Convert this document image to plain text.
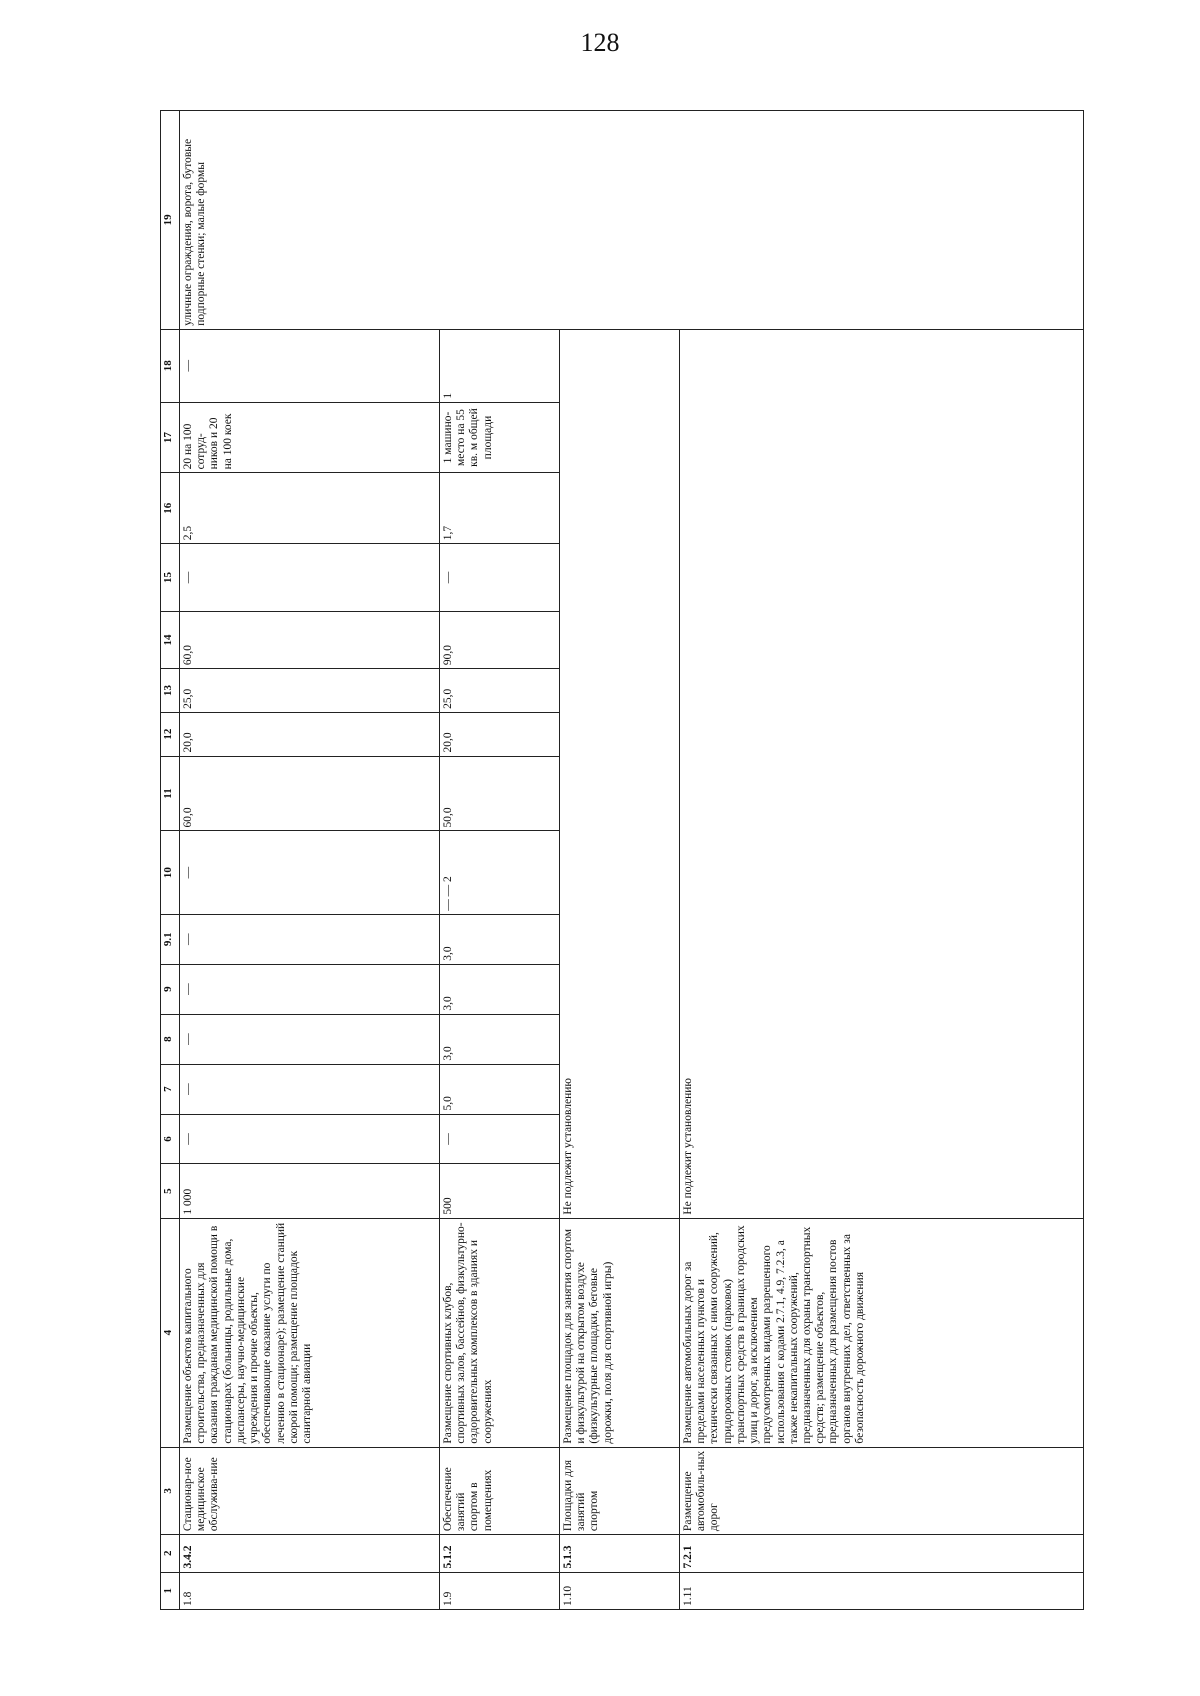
128
1	2	3	4	5	6	7	8	9	9.1	10	11	12	13	14	15	16	17	18	19
1.8	3.4.2	Стационар-ное медицинское обслужива-ние	Размещение объектов капитального строительства, предназначенных для оказания гражданам медицинской помощи в стационарах (больницы, родильные дома, диспансеры, научно-медицинские учреждения и прочие объекты, обеспечивающие оказание услуги по лечению в стационаре); размещение станций скорой помощи; размещение площадок санитарной авиации	1 000	—	—	—	—	—	—	60,0	20,0	25,0	60,0	—	2,5	20 на 100 сотруд-ников и 20 на 100 коек	—	уличные ограждения, ворота, бутовые подпорные стенки; малые формы
1.9	5.1.2	Обеспечение занятий спортом в помещениях	Размещение спортивных клубов, спортивных залов, бассейнов, физкультурно-оздоровительных комплексов в зданиях и сооружениях	500	—	5,0	3,0	3,0	3,0	— — 2	50,0	20,0	25,0	90,0	—	1,7	1 машино-место на 55 кв. м общей площади	1	
1.10	5.1.3	Площадки для занятий спортом	Размещение площадок для занятия спортом и физкультурой на открытом воздухе (физкультурные площадки, беговые дорожки, поля для спортивной игры)	Не подлежит установлению															
1.11	7.2.1	Размещение автомобиль-ных дорог	Размещение автомобильных дорог за пределами населенных пунктов и технически связанных с ними сооружений, придорожных стоянок (парковок) транспортных средств в границах городских улиц и дорог, за исключением предусмотренных видами разрешенного использования с кодами 2.7.1, 4.9, 7.2.3, а также некапитальных сооружений, предназначенных для охраны транспортных средств; размещение объектов, предназначенных для размещения постов органов внутренних дел, ответственных за безопасность дорожного движения	Не подлежит установлению															
